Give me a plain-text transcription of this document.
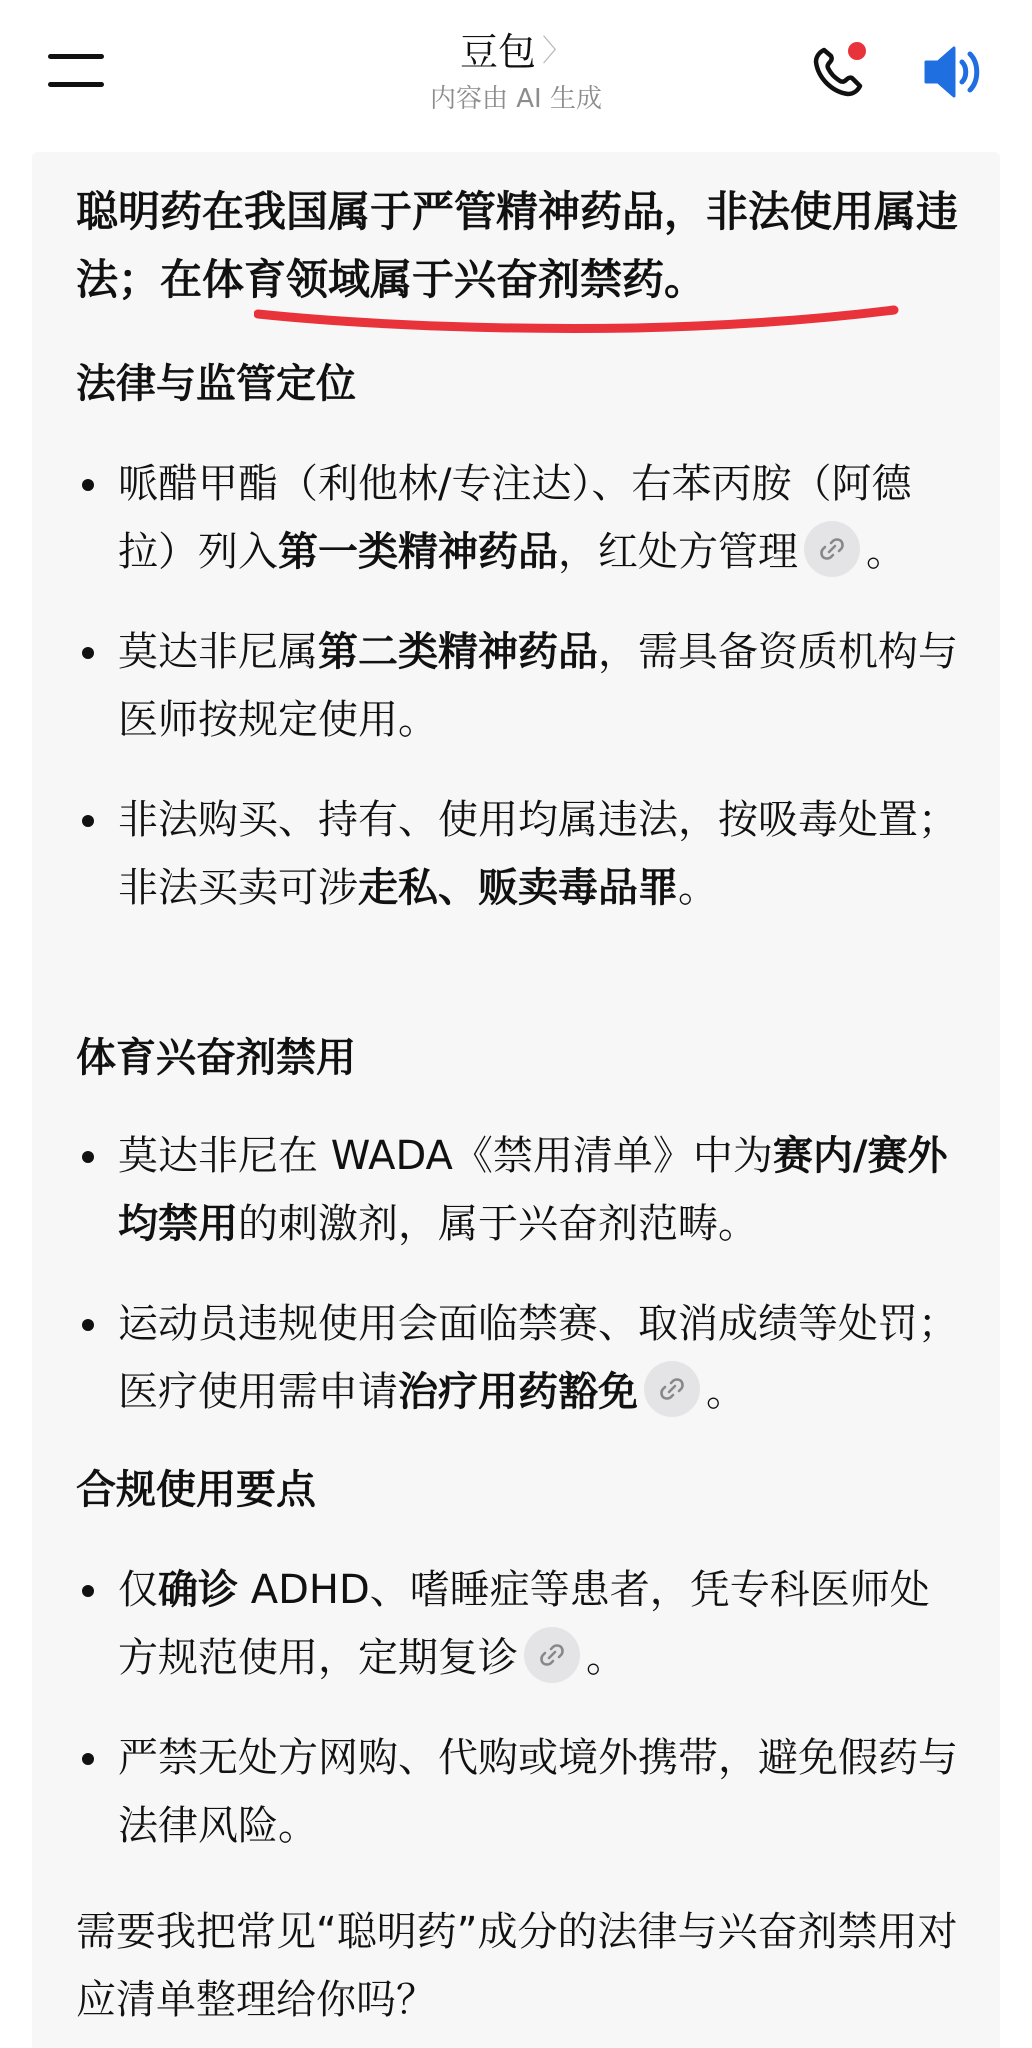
豆包 〉
内容由 AI 生成

聪明药在我国属于严管精神药品，非法使用属违法；在体育领域属于兴奋剂禁药。

法律与监管定位
哌醋甲酯（利他林/专注达）、右苯丙胺（阿德拉）列入第一类精神药品，红处方管理 。
莫达非尼属第二类精神药品，需具备资质机构与医师按规定使用。
非法购买、持有、使用均属违法，按吸毒处置；非法买卖可涉走私、贩卖毒品罪。
体育兴奋剂禁用
莫达非尼在 WADA《禁用清单》中为赛内/赛外均禁用的刺激剂，属于兴奋剂范畴。
运动员违规使用会面临禁赛、取消成绩等处罚；医疗使用需申请治疗用药豁免 。
合规使用要点
仅确诊 ADHD、嗜睡症等患者，凭专科医师处方规范使用，定期复诊 。
严禁无处方网购、代购或境外携带，避免假药与法律风险。

需要我把常见“聪明药”成分的法律与兴奋剂禁用对应清单整理给你吗？
